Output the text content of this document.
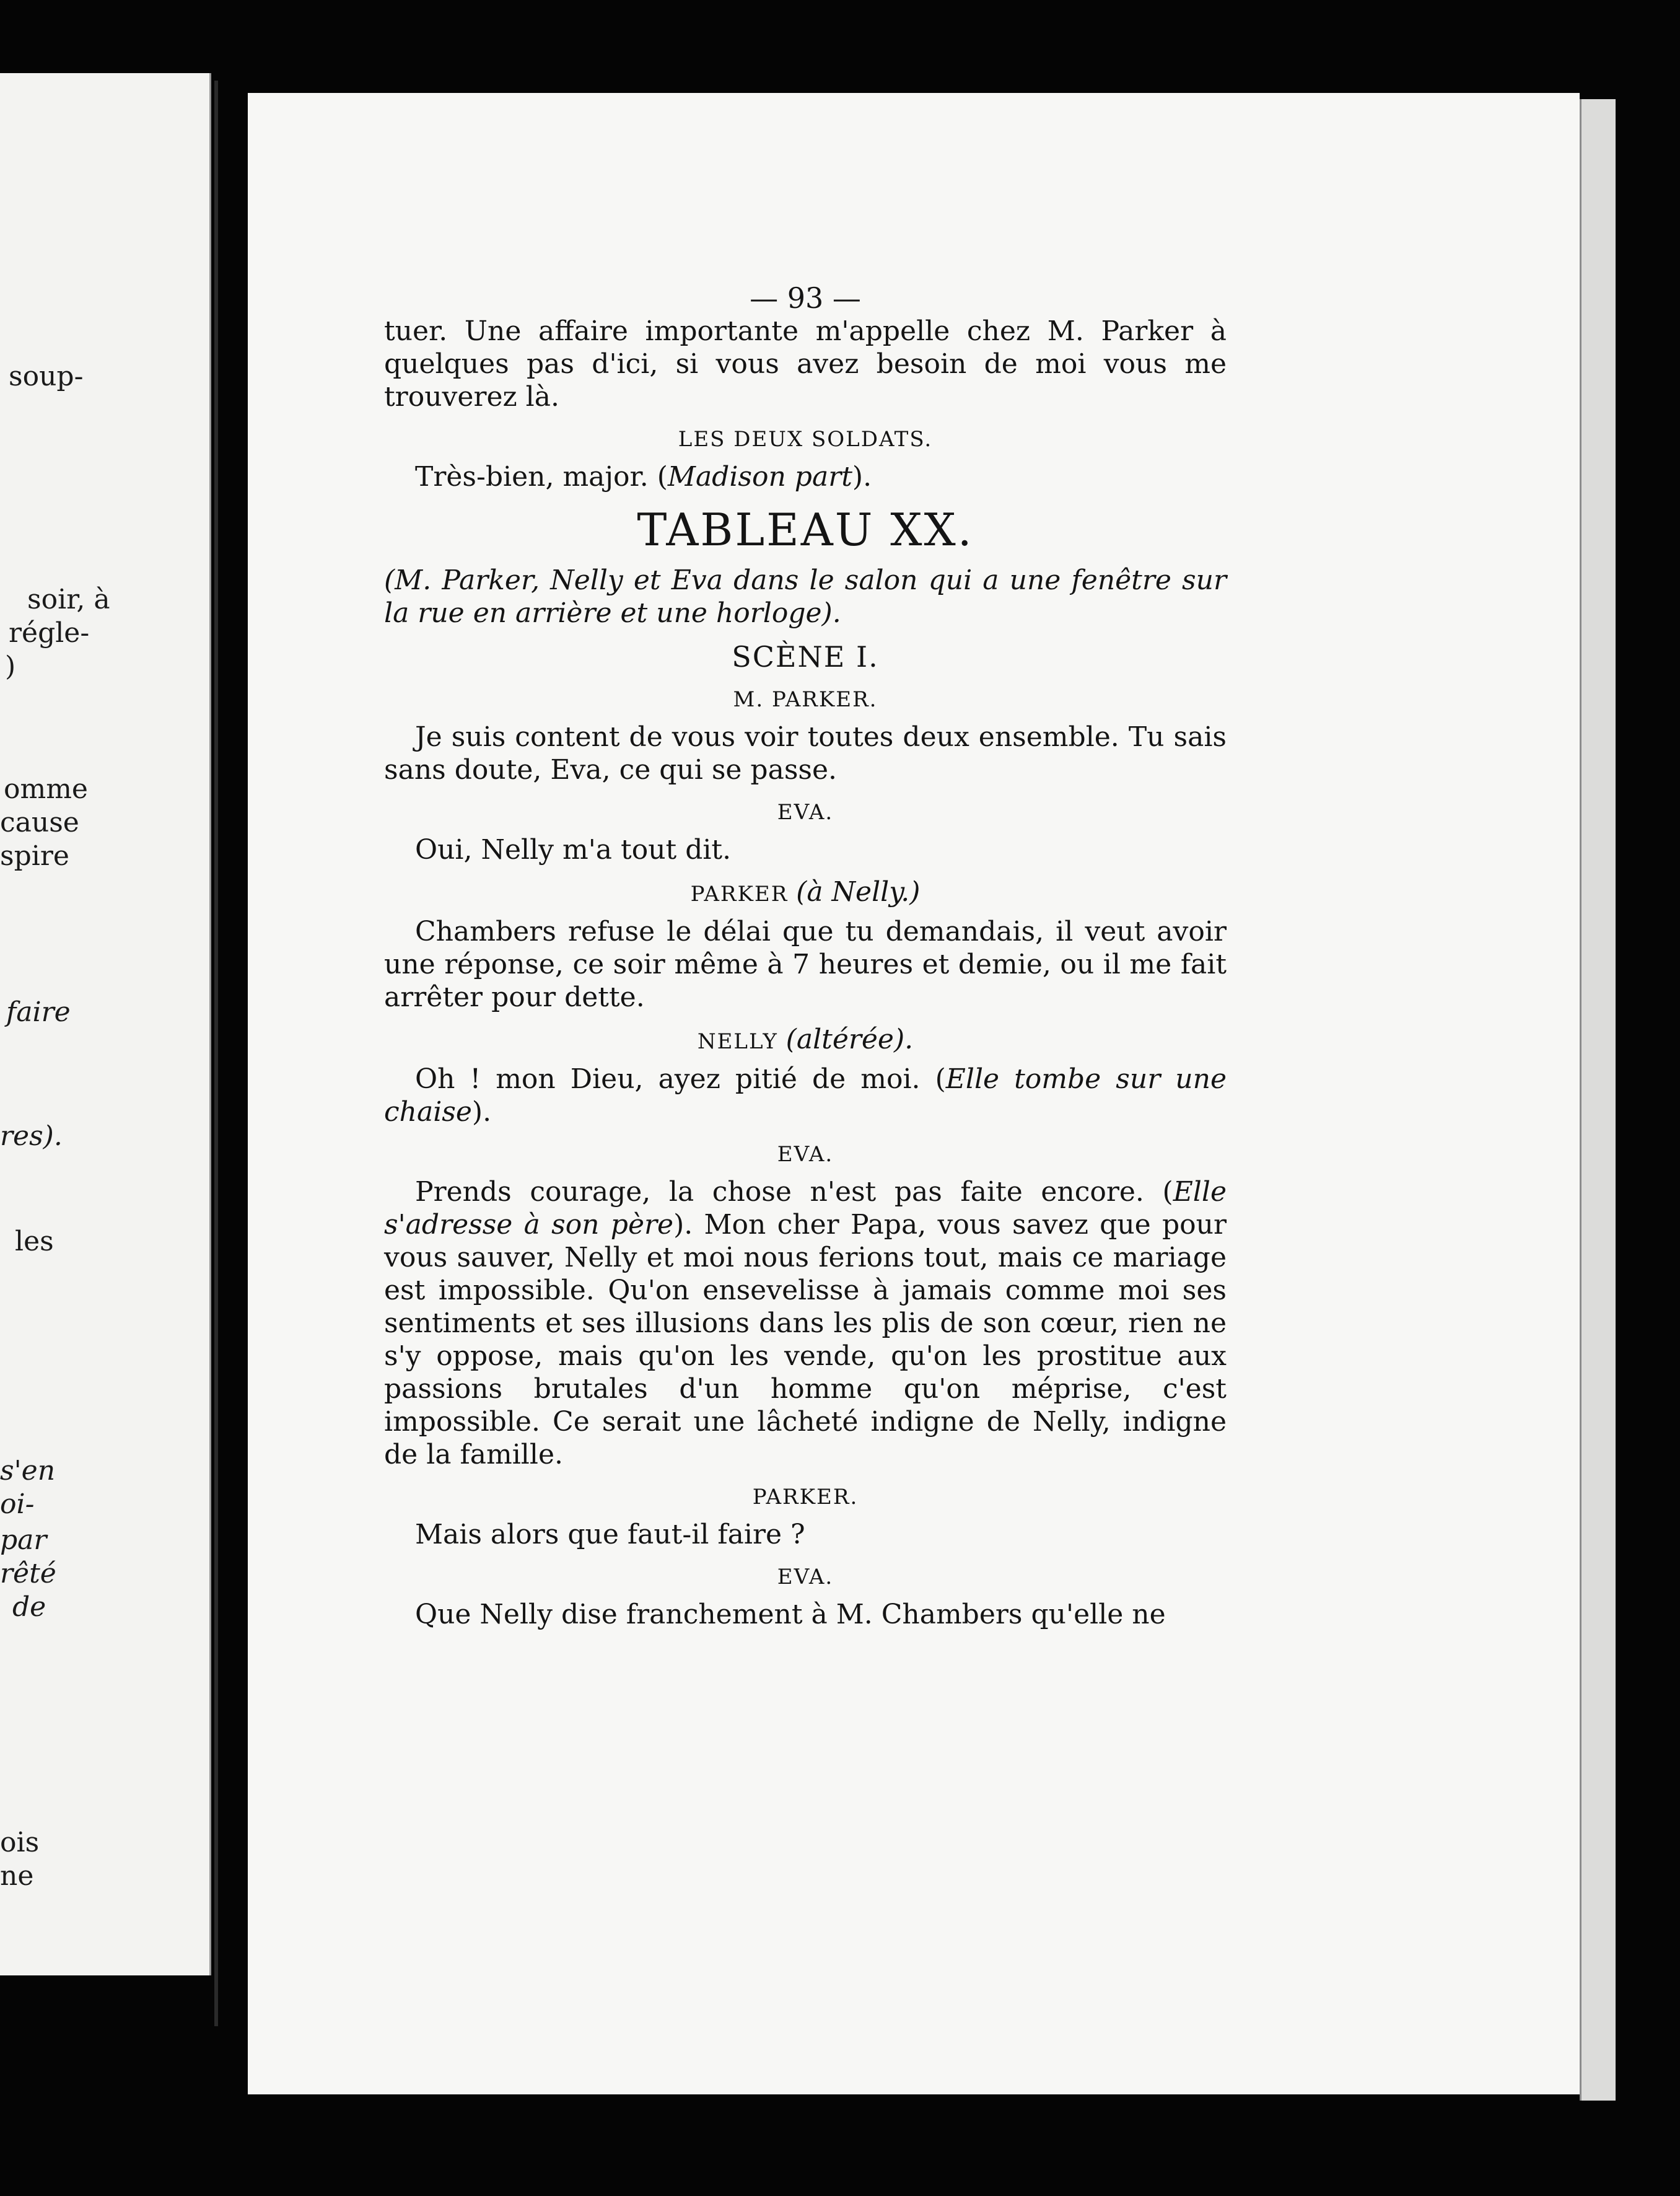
soup-
soir, à
régle-
)
omme
cause
spire
faire
res).
les
s'en
oi-
par
rêté
de
ois
ne

— 93 —

tuer. Une affaire importante m'appelle chez M. Parker à quelques pas d'ici, si vous avez besoin de moi vous me trouverez là.

LES DEUX SOLDATS.

Très-bien, major. (Madison part).

TABLEAU XX.

(M. Parker, Nelly et Eva dans le salon qui a une fenêtre sur la rue en arrière et une horloge).

SCÈNE I.

M. PARKER.

Je suis content de vous voir toutes deux ensemble. Tu sais sans doute, Eva, ce qui se passe.

EVA.

Oui, Nelly m'a tout dit.

PARKER (à Nelly.)

Chambers refuse le délai que tu demandais, il veut avoir une réponse, ce soir même à 7 heures et demie, ou il me fait arrêter pour dette.

NELLY (altérée).

Oh ! mon Dieu, ayez pitié de moi. (Elle tombe sur une chaise).

EVA.

Prends courage, la chose n'est pas faite encore. (Elle s'adresse à son père). Mon cher Papa, vous savez que pour vous sauver, Nelly et moi nous ferions tout, mais ce mariage est impossible. Qu'on ensevelisse à jamais comme moi ses sentiments et ses illusions dans les plis de son cœur, rien ne s'y oppose, mais qu'on les vende, qu'on les prostitue aux passions brutales d'un homme qu'on méprise, c'est impossible. Ce serait une lâcheté indigne de Nelly, indigne de la famille.

PARKER.

Mais alors que faut-il faire ?

EVA.

Que Nelly dise franchement à M. Chambers qu'elle ne
